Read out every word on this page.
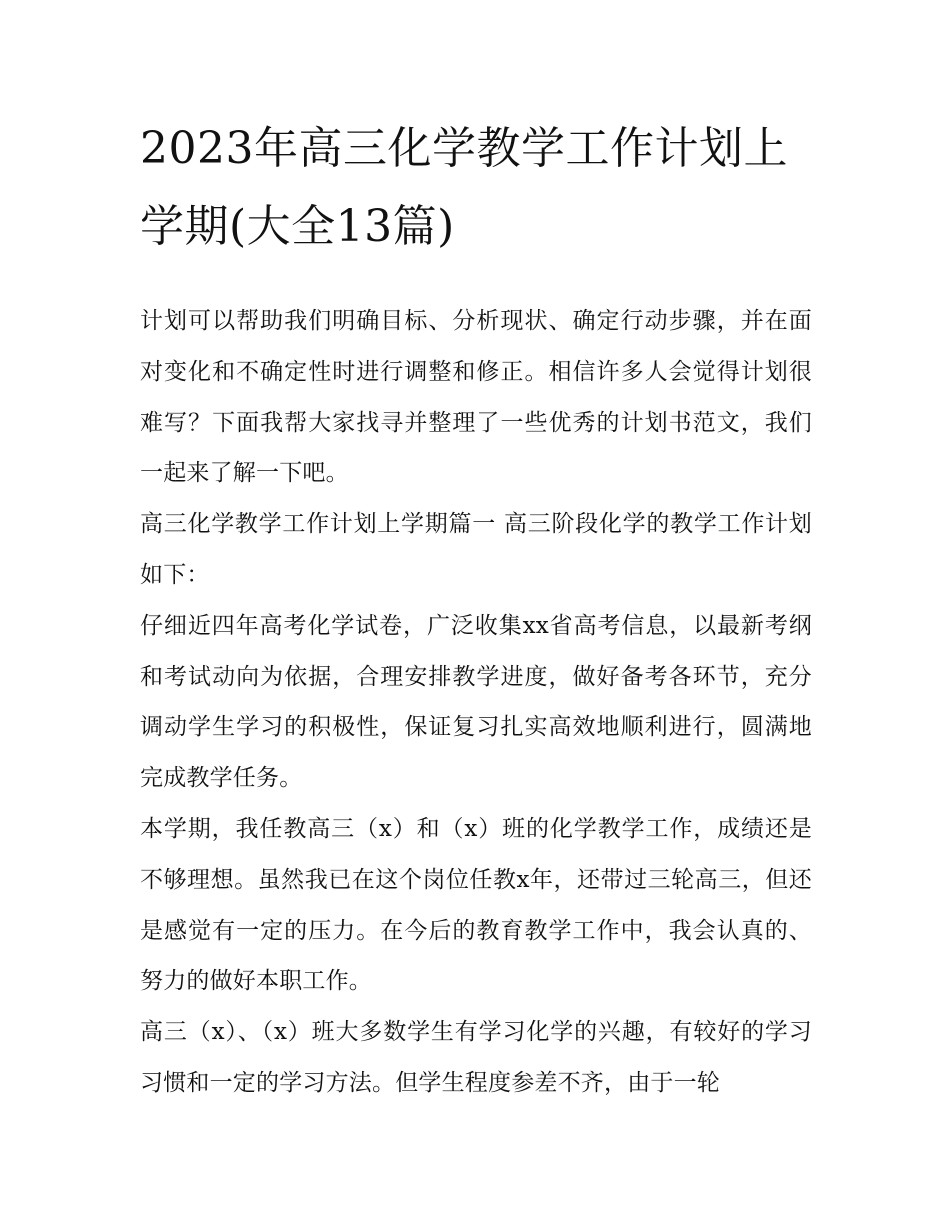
2023年高三化学教学工作计划上学期(大全13篇)

计划可以帮助我们明确目标、分析现状、确定行动步骤，并在面对变化和不确定性时进行调整和修正。相信许多人会觉得计划很难写？下面我帮大家找寻并整理了一些优秀的计划书范文，我们一起来了解一下吧。

高三化学教学工作计划上学期篇一 高三阶段化学的教学工作计划如下：

仔细近四年高考化学试卷，广泛收集xx省高考信息，以最新考纲和考试动向为依据，合理安排教学进度，做好备考各环节，充分调动学生学习的积极性，保证复习扎实高效地顺利进行，圆满地完成教学任务。

本学期，我任教高三（x）和（x）班的化学教学工作，成绩还是不够理想。虽然我已在这个岗位任教x年，还带过三轮高三，但还是感觉有一定的压力。在今后的教育教学工作中，我会认真的、努力的做好本职工作。

高三（x）、（x）班大多数学生有学习化学的兴趣，有较好的学习习惯和一定的学习方法。但学生程度参差不齐，由于一轮
